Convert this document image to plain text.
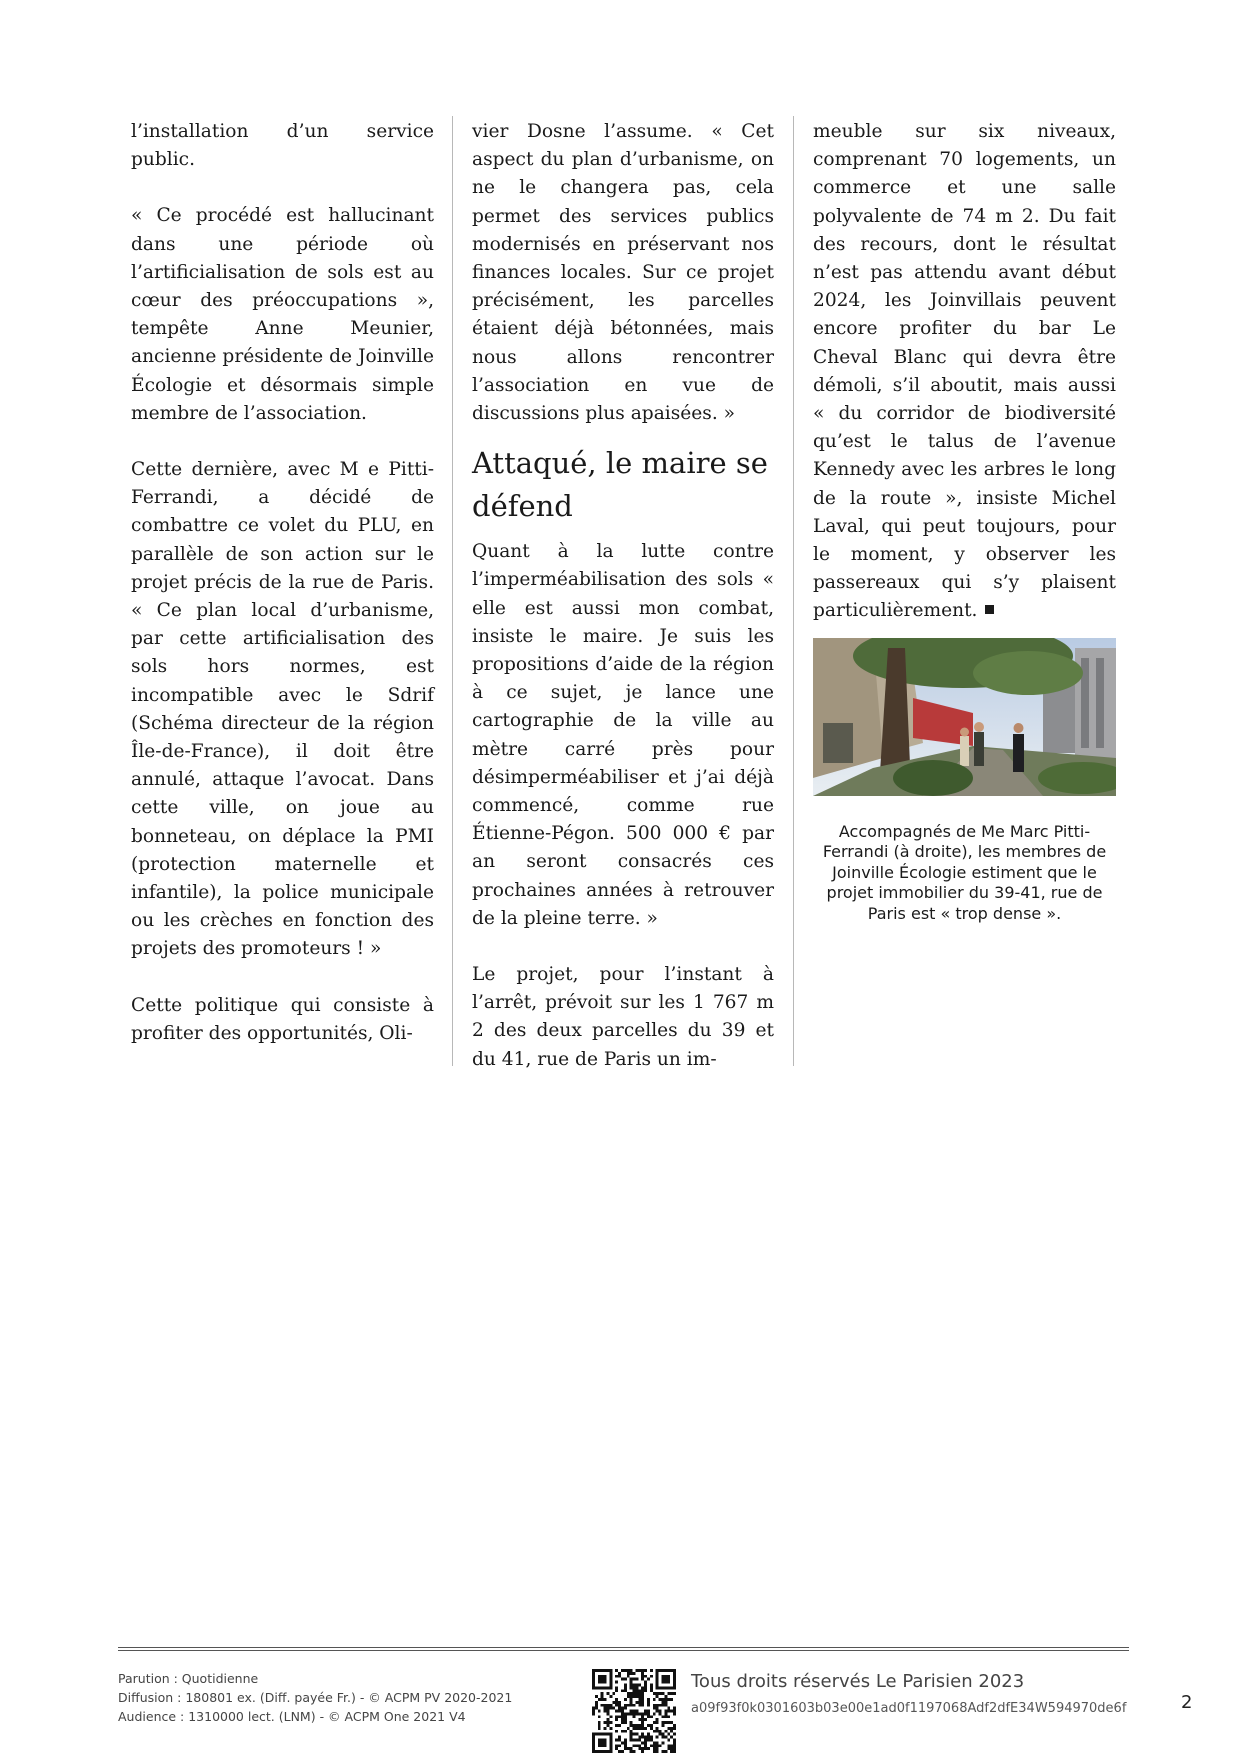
l’installation d’un service public.

« Ce procédé est hallucinant dans une période où l’artificialisation de sols est au cœur des préoccupations », tempête Anne Meunier, ancienne présidente de Joinville Écologie et désormais simple membre de l’association.

Cette dernière, avec M e Pitti-Ferrandi, a décidé de combattre ce volet du PLU, en parallèle de son action sur le projet précis de la rue de Paris. « Ce plan local d’urbanisme, par cette artificialisation des sols hors normes, est incompatible avec le Sdrif (Schéma directeur de la région Île-de-France), il doit être annulé, attaque l’avocat. Dans cette ville, on joue au bonneteau, on déplace la PMI (protection maternelle et infantile), la police municipale ou les crèches en fonction des projets des promoteurs ! »

Cette politique qui consiste à profiter des opportunités, Oli-

vier Dosne l’assume. « Cet aspect du plan d’urbanisme, on ne le changera pas, cela permet des services publics modernisés en préservant nos finances locales. Sur ce projet précisément, les parcelles étaient déjà bétonnées, mais nous allons rencontrer l’association en vue de discussions plus apaisées. »

Attaqué, le maire se défend

Quant à la lutte contre l’imperméabilisation des sols « elle est aussi mon combat, insiste le maire. Je suis les propositions d’aide de la région à ce sujet, je lance une cartographie de la ville au mètre carré près pour désimperméabiliser et j’ai déjà commencé, comme rue Étienne-Pégon. 500 000 € par an seront consacrés ces prochaines années à retrouver de la pleine terre. »

Le projet, pour l’instant à l’arrêt, prévoit sur les 1 767 m 2 des deux parcelles du 39 et du 41, rue de Paris un im-

meuble sur six niveaux, comprenant 70 logements, un commerce et une salle polyvalente de 74 m 2. Du fait des recours, dont le résultat n’est pas attendu avant début 2024, les Joinvillais peuvent encore profiter du bar Le Cheval Blanc qui devra être démoli, s’il aboutit, mais aussi « du corridor de biodiversité qu’est le talus de l’avenue Kennedy avec les arbres le long de la route », insiste Michel Laval, qui peut toujours, pour le moment, y observer les passereaux qui s’y plaisent particulièrement.

Accompagnés de Me Marc Pitti-Ferrandi (à droite), les membres de Joinville Écologie estiment que le projet immobilier du 39-41, rue de Paris est « trop dense ».
Parution : Quotidienne
Diffusion : 180801 ex. (Diff. payée Fr.) - © ACPM PV 2020-2021
Audience : 1310000 lect. (LNM) - © ACPM One 2021 V4
Tous droits réservés Le Parisien 2023
a09f93f0k0301603b03e00e1ad0f1197068Adf2dfE34W594970de6f	2
